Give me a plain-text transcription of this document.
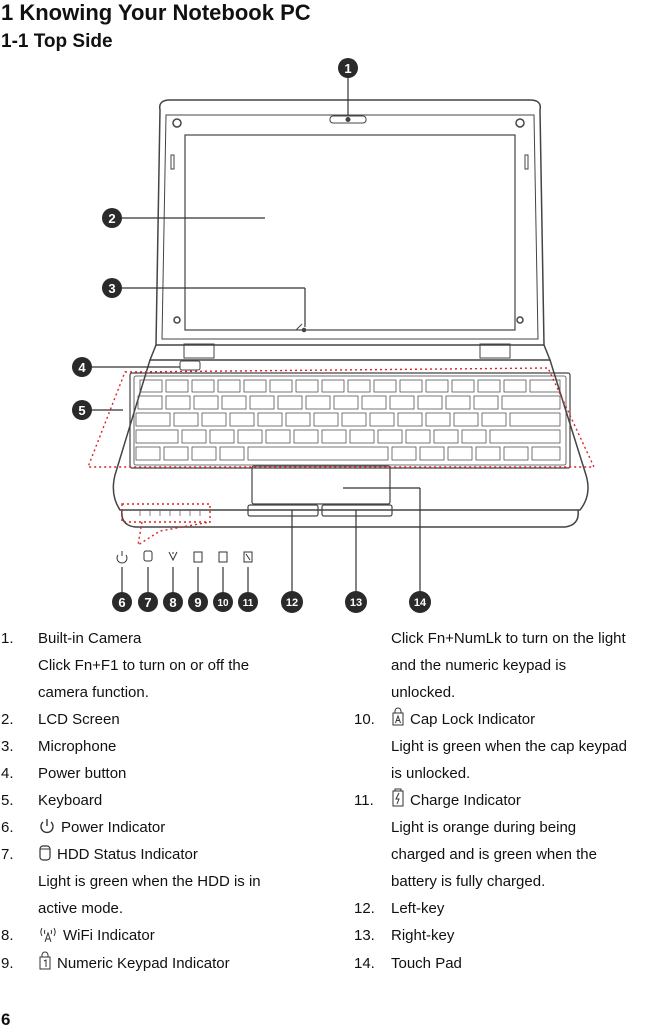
1 Knowing Your Notebook PC
1-1 Top Side
1
2
3
4
5
6 7 8 9 10 11	12	13	14
1.	Built-in Camera
Click Fn+F1 to turn on or off the
camera function.
2.	LCD Screen
3.	Microphone
4.	Power button
5.	Keyboard
6.	Power Indicator
7.	HDD Status Indicator
Light is green when the HDD is in
active mode.
8.	WiFi Indicator
9.	Numeric Keypad Indicator
Click Fn+NumLk to turn on the light
and the numeric keypad is
unlocked.
10.	Cap Lock Indicator
Light is green when the cap keypad
is unlocked.
11.	Charge Indicator
Light is orange during being
charged and is green when the
battery is fully charged.
12.	Left-key
13.	Right-key
14.	Touch Pad
6
